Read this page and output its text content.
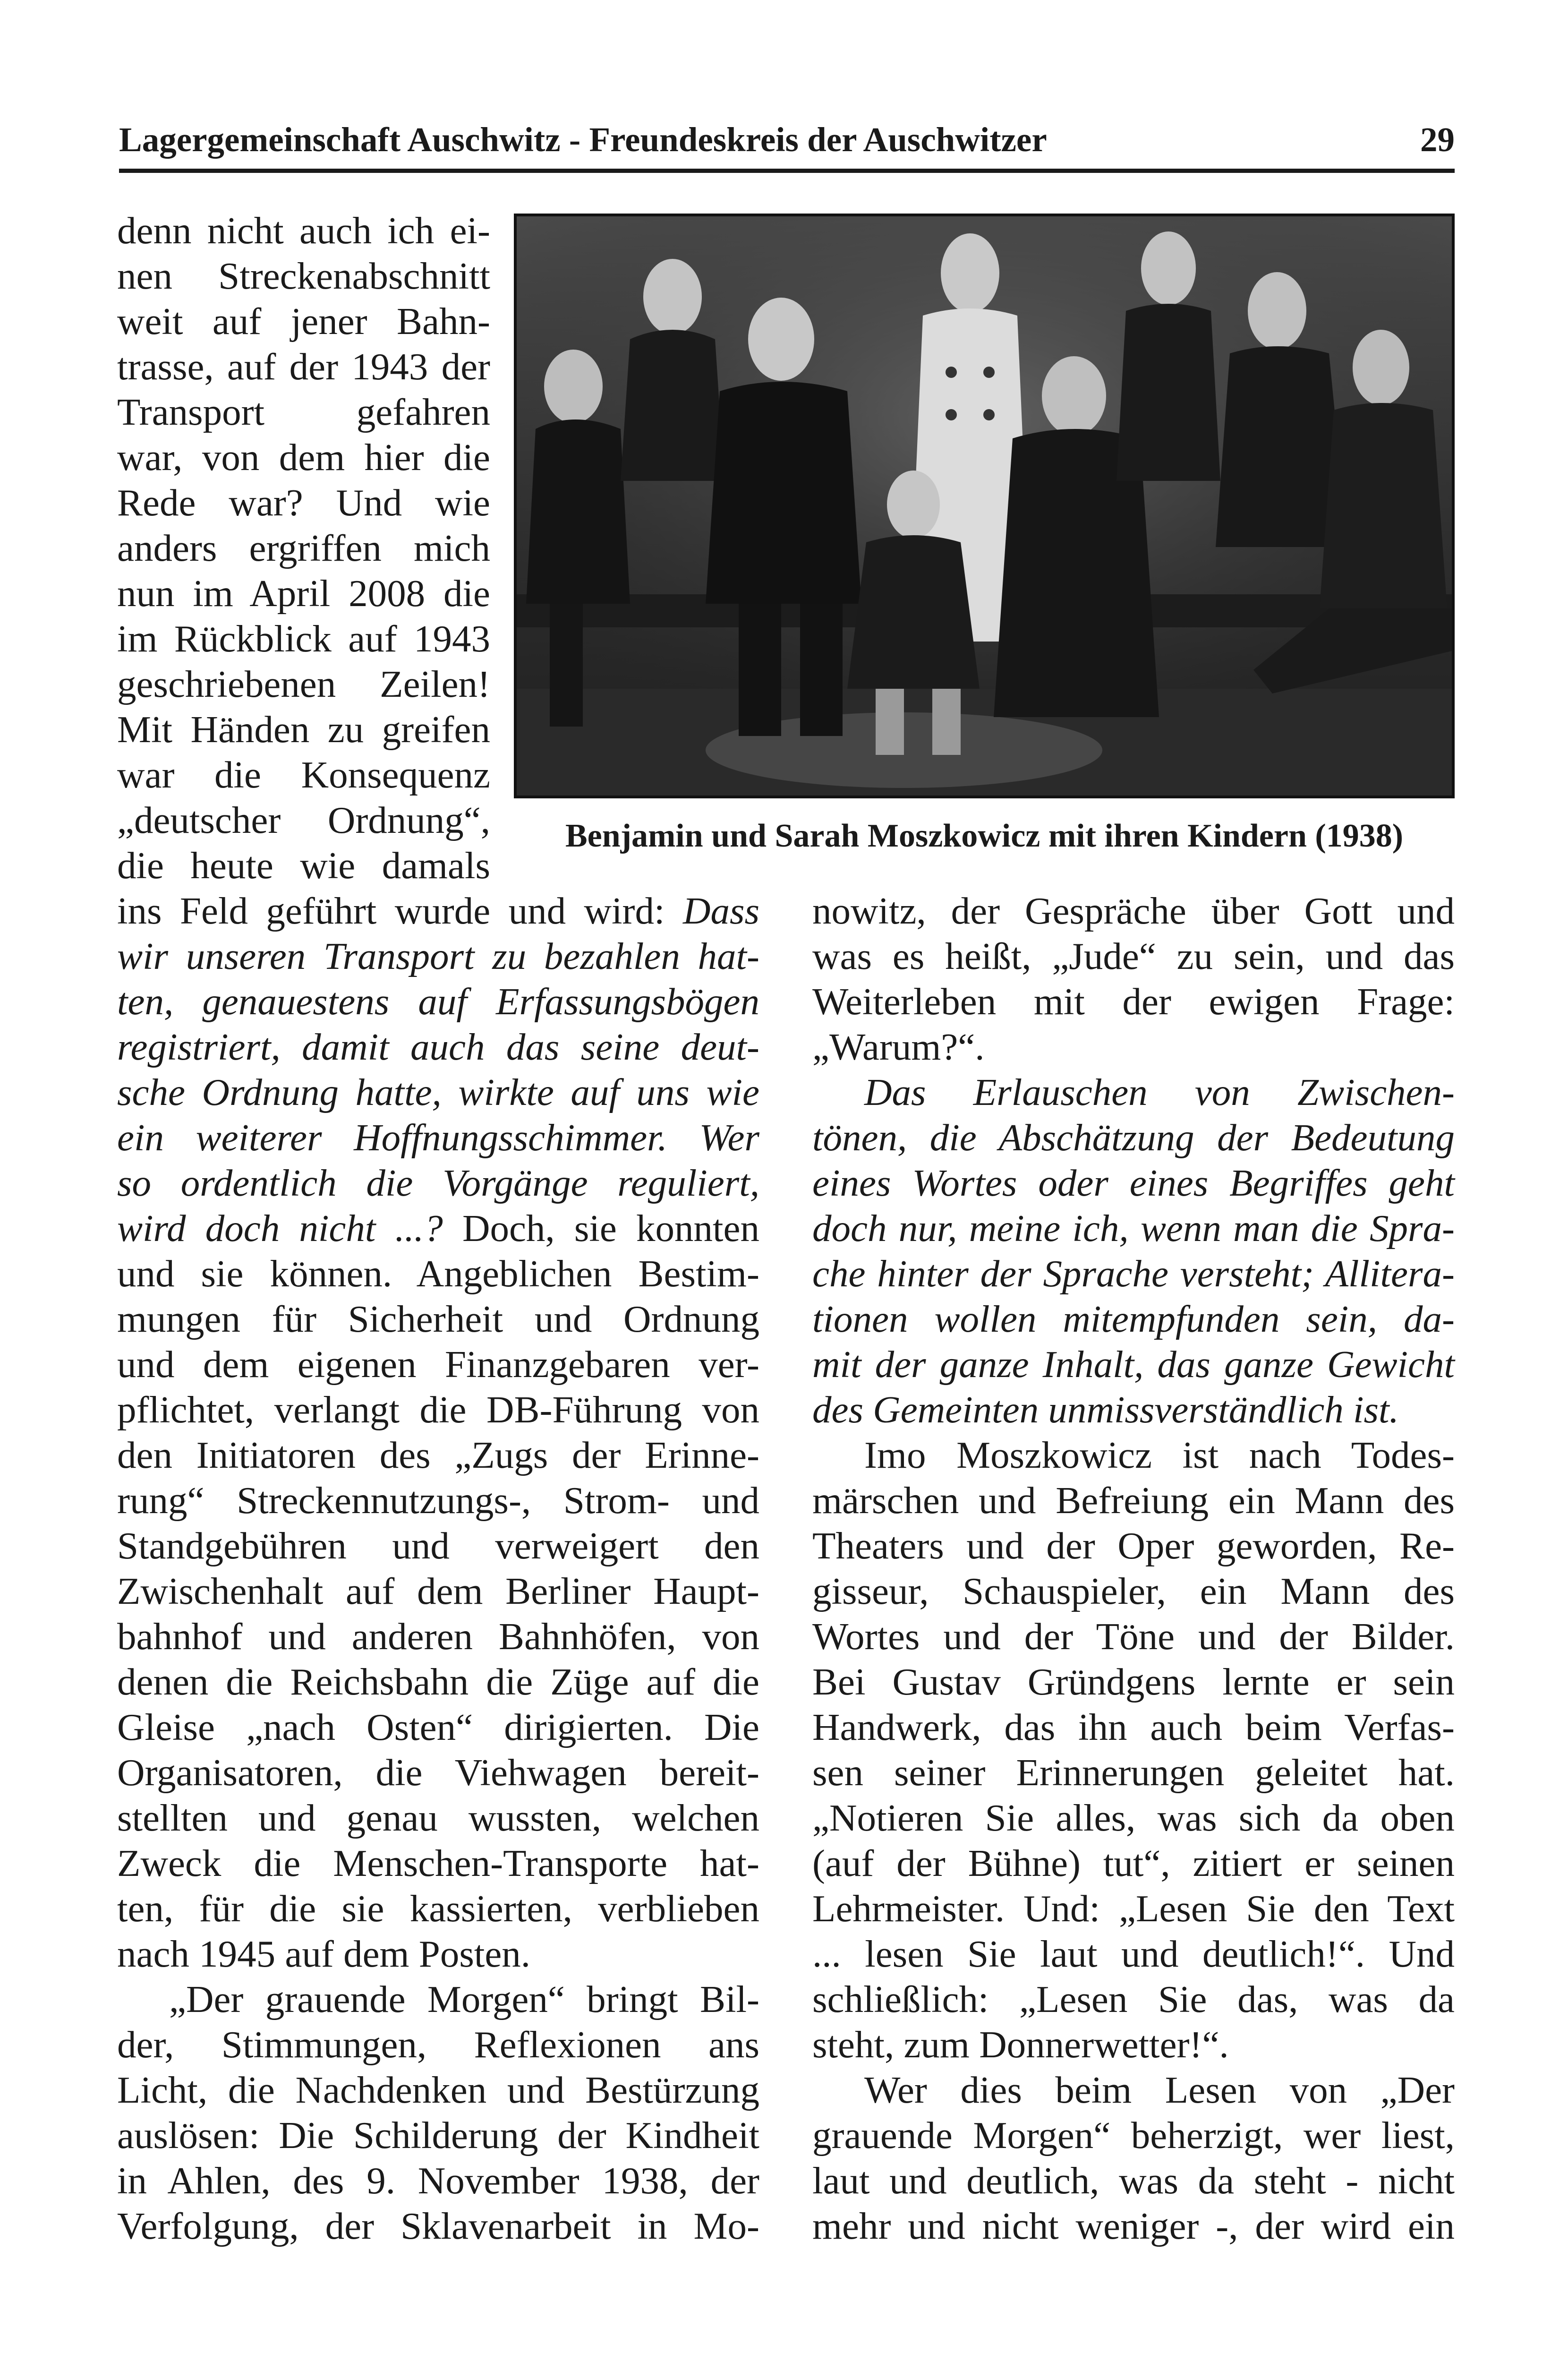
Lagergemeinschaft Auschwitz - Freundeskreis der Auschwitzer	29

denn nicht auch ich ei-

nen Streckenabschnitt

weit auf jener Bahn-

trasse, auf der 1943 der

Transport gefahren

war, von dem hier die

Rede war? Und wie

anders ergriffen mich

nun im April 2008 die

im Rückblick auf 1943

geschriebenen Zeilen!

Mit Händen zu greifen

war die Konsequenz

„deutscher Ordnung“,

die heute wie damals

Benjamin und Sarah Moszkowicz mit ihren Kindern (1938)

ins Feld geführt wurde und wird: Dass

wir unseren Transport zu bezahlen hat-

ten, genauestens auf Erfassungsbögen

registriert, damit auch das seine deut-

sche Ordnung hatte, wirkte auf uns wie

ein weiterer Hoffnungsschimmer. Wer

so ordentlich die Vorgänge reguliert,

wird doch nicht ...? Doch, sie konnten

und sie können. Angeblichen Bestim-

mungen für Sicherheit und Ordnung

und dem eigenen Finanzgebaren ver-

pflichtet, verlangt die DB-Führung von

den Initiatoren des „Zugs der Erinne-

rung“ Streckennutzungs-, Strom- und

Standgebühren und verweigert den

Zwischenhalt auf dem Berliner Haupt-

bahnhof und anderen Bahnhöfen, von

denen die Reichsbahn die Züge auf die

Gleise „nach Osten“ dirigierten. Die

Organisatoren, die Viehwagen bereit-

stellten und genau wussten, welchen

Zweck die Menschen-Transporte hat-

ten, für die sie kassierten, verblieben

nach 1945 auf dem Posten.

„Der grauende Morgen“ bringt Bil-

der, Stimmungen, Reflexionen ans

Licht, die Nachdenken und Bestürzung

auslösen: Die Schilderung der Kindheit

in Ahlen, des 9. November 1938, der

Verfolgung, der Sklavenarbeit in Mo-

nowitz, der Gespräche über Gott und

was es heißt, „Jude“ zu sein, und das

Weiterleben mit der ewigen Frage:

„Warum?“.

Das Erlauschen von Zwischen-

tönen, die Abschätzung der Bedeutung

eines Wortes oder eines Begriffes geht

doch nur, meine ich, wenn man die Spra-

che hinter der Sprache versteht; Allitera-

tionen wollen mitempfunden sein, da-

mit der ganze Inhalt, das ganze Gewicht

des Gemeinten unmissverständlich ist.

Imo Moszkowicz ist nach Todes-

märschen und Befreiung ein Mann des

Theaters und der Oper geworden, Re-

gisseur, Schauspieler, ein Mann des

Wortes und der Töne und der Bilder.

Bei Gustav Gründgens lernte er sein

Handwerk, das ihn auch beim Verfas-

sen seiner Erinnerungen geleitet hat.

„Notieren Sie alles, was sich da oben

(auf der Bühne) tut“, zitiert er seinen

Lehrmeister. Und: „Lesen Sie den Text

... lesen Sie laut und deutlich!“. Und

schließlich: „Lesen Sie das, was da

steht, zum Donnerwetter!“.

Wer dies beim Lesen von „Der

grauende Morgen“ beherzigt, wer liest,

laut und deutlich, was da steht - nicht

mehr und nicht weniger -, der wird ein
